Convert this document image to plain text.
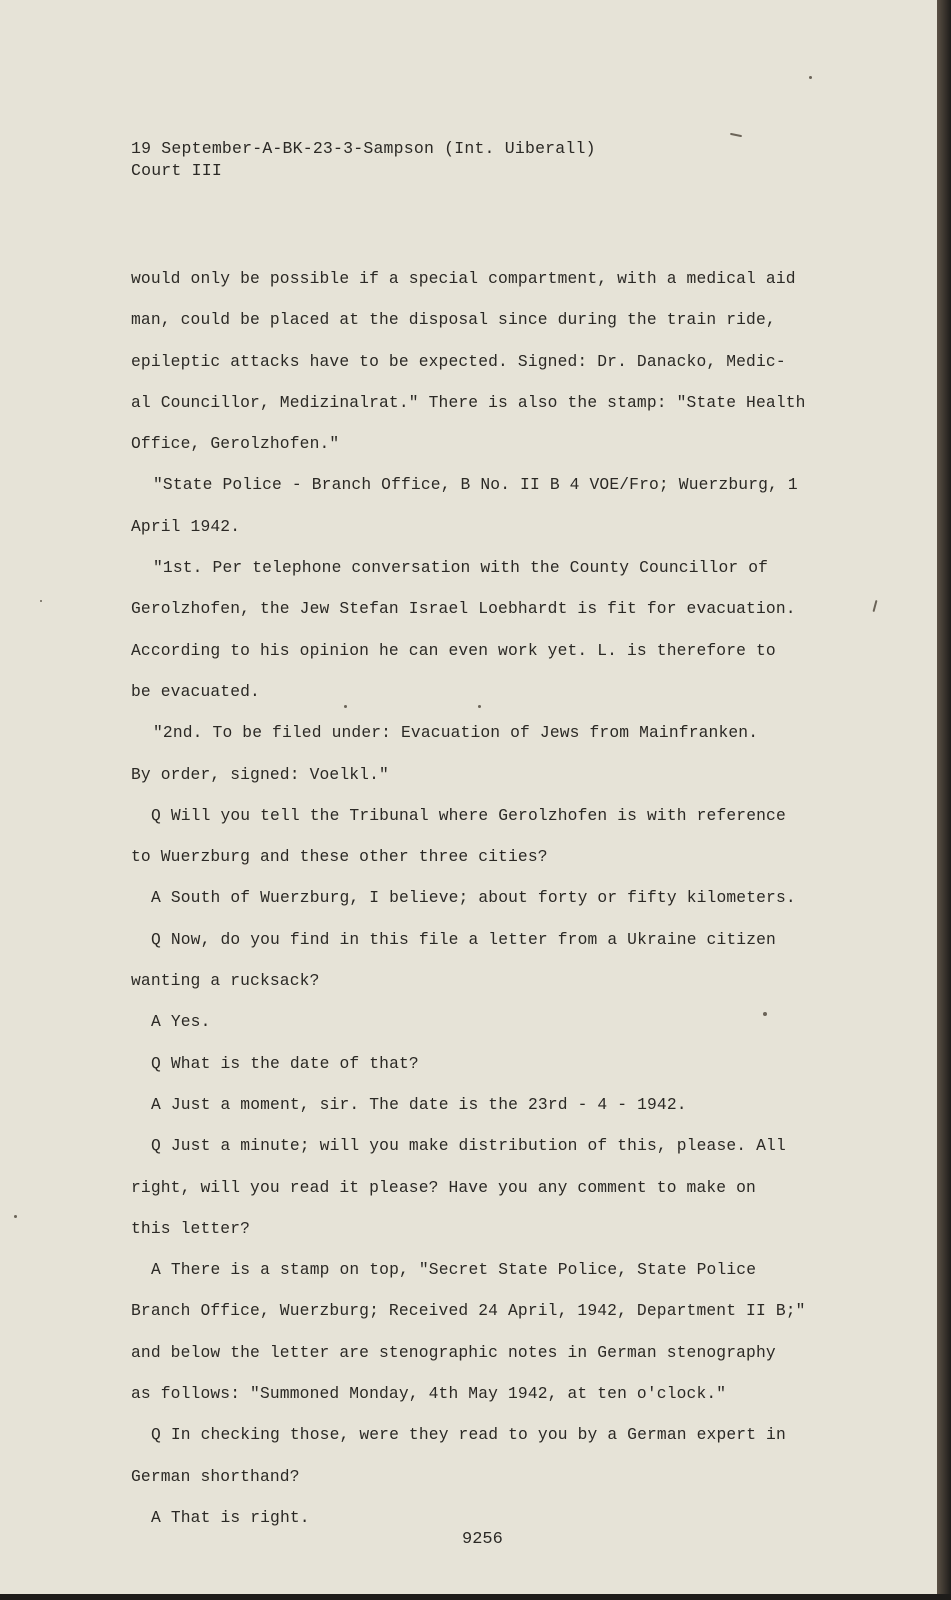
19 September-A-BK-23-3-Sampson (Int. Uiberall)
Court III
would only be possible if a special compartment, with a medical aid
man, could be placed at the disposal since during the train ride,
epileptic attacks have to be expected. Signed: Dr. Danacko, Medic-
al Councillor, Medizinalrat." There is also the stamp: "State Health
Office, Gerolzhofen."
"State Police - Branch Office, B No. II B 4 VOE/Fro; Wuerzburg, 1
April 1942.
"1st. Per telephone conversation with the County Councillor of
Gerolzhofen, the Jew Stefan Israel Loebhardt is fit for evacuation.
According to his opinion he can even work yet. L. is therefore to
be evacuated.
"2nd. To be filed under: Evacuation of Jews from Mainfranken.
By order, signed: Voelkl."
Q Will you tell the Tribunal where Gerolzhofen is with reference
to Wuerzburg and these other three cities?
A South of Wuerzburg, I believe; about forty or fifty kilometers.
Q Now, do you find in this file a letter from a Ukraine citizen
wanting a rucksack?
A Yes.
Q What is the date of that?
A Just a moment, sir. The date is the 23rd - 4 - 1942.
Q Just a minute; will you make distribution of this, please. All
right, will you read it please? Have you any comment to make on
this letter?
A There is a stamp on top, "Secret State Police, State Police
Branch Office, Wuerzburg; Received 24 April, 1942, Department II B;"
and below the letter are stenographic notes in German stenography
as follows: "Summoned Monday, 4th May 1942, at ten o'clock."
Q In checking those, were they read to you by a German expert in
German shorthand?
A That is right.
9256
